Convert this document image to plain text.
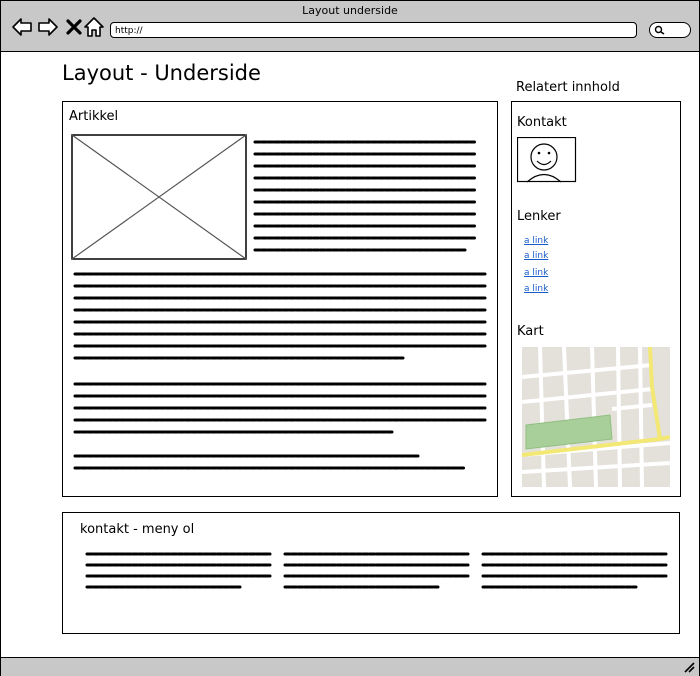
Layout underside
http://
Layout - Underside
Artikkel
Relatert innhold
Kontakt
Lenker
a link
a link
a link
a link
Kart
kontakt - meny ol
